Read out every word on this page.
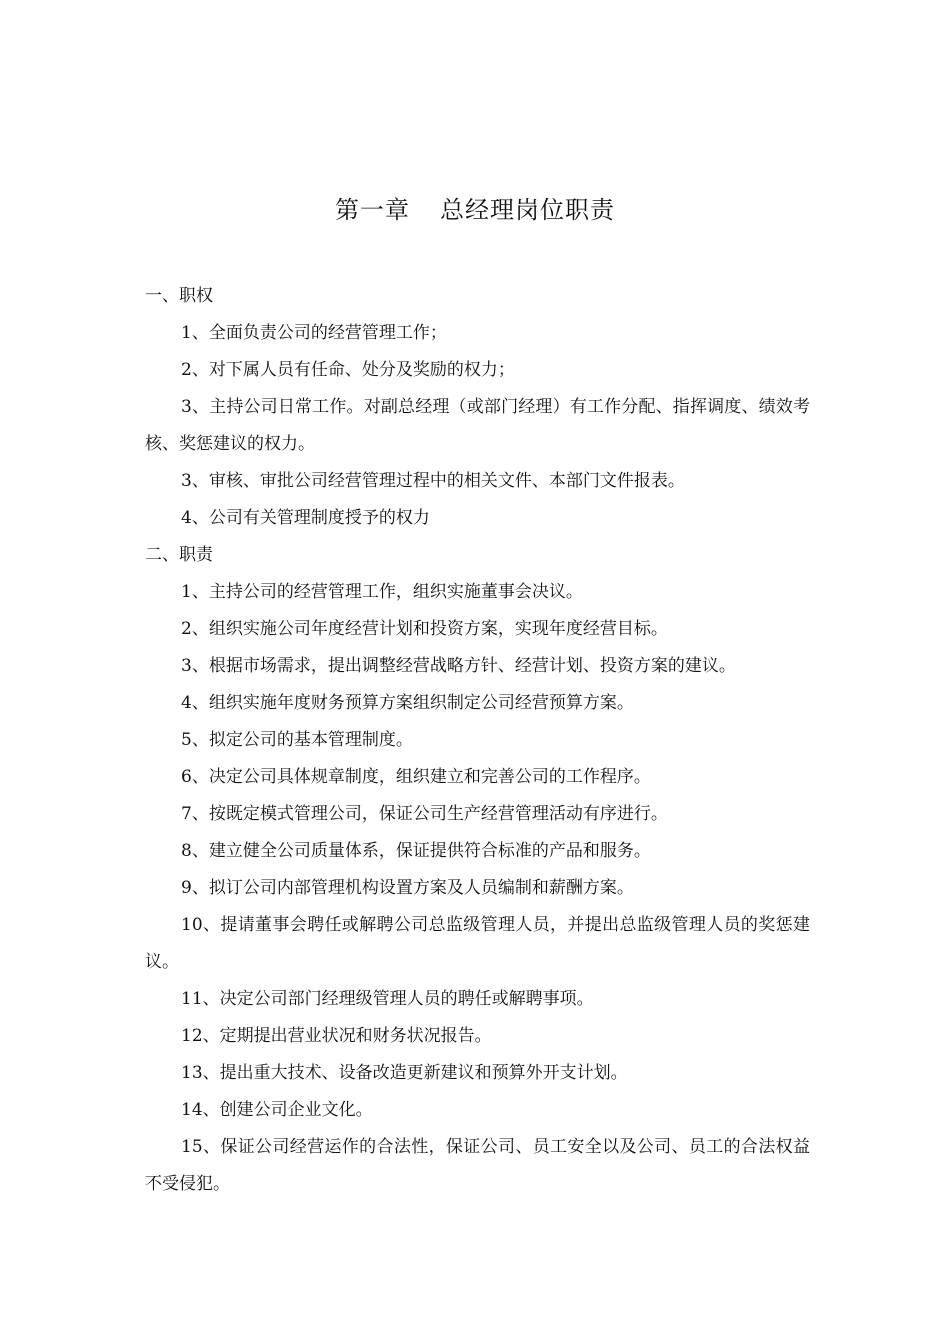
第一章 总经理岗位职责

一、职权

1、全面负责公司的经营管理工作；

2、对下属人员有任命、处分及奖励的权力；

3、主持公司日常工作。对副总经理（或部门经理）有工作分配、指挥调度、绩效考核、奖惩建议的权力。

3、审核、审批公司经营管理过程中的相关文件、本部门文件报表。

4、公司有关管理制度授予的权力

二、职责

1、主持公司的经营管理工作，组织实施董事会决议。

2、组织实施公司年度经营计划和投资方案，实现年度经营目标。

3、根据市场需求，提出调整经营战略方针、经营计划、投资方案的建议。

4、组织实施年度财务预算方案组织制定公司经营预算方案。

5、拟定公司的基本管理制度。

6、决定公司具体规章制度，组织建立和完善公司的工作程序。

7、按既定模式管理公司，保证公司生产经营管理活动有序进行。

8、建立健全公司质量体系，保证提供符合标准的产品和服务。

9、拟订公司内部管理机构设置方案及人员编制和薪酬方案。

10、提请董事会聘任或解聘公司总监级管理人员，并提出总监级管理人员的奖惩建议。

11、决定公司部门经理级管理人员的聘任或解聘事项。

12、定期提出营业状况和财务状况报告。

13、提出重大技术、设备改造更新建议和预算外开支计划。

14、创建公司企业文化。

15、保证公司经营运作的合法性，保证公司、员工安全以及公司、员工的合法权益不受侵犯。
